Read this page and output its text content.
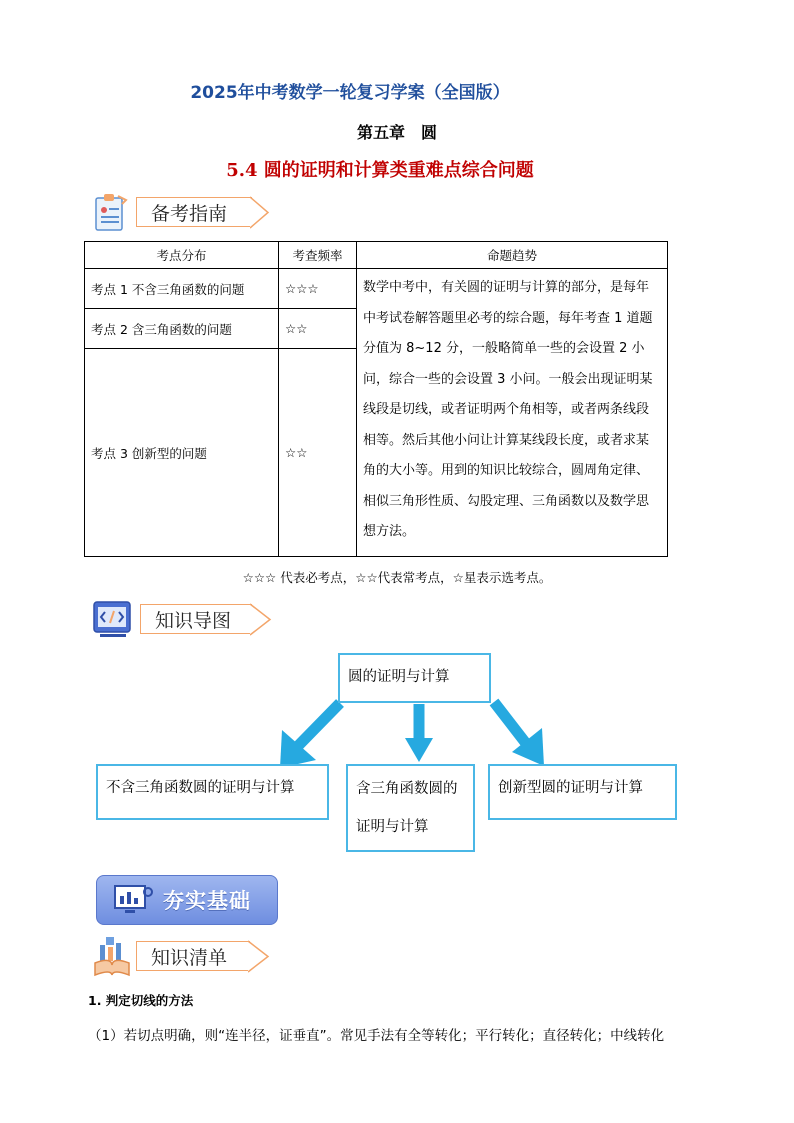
2025年中考数学一轮复习学案（全国版）
第五章　圆
5.4 圆的证明和计算类重难点综合问题
备考指南
考点分布	考查频率	命题趋势
考点 1 不含三角函数的问题	☆☆☆	数学中考中，有关圆的证明与计算的部分，是每年中考试卷解答题里必考的综合题，每年考查 1 道题分值为 8~12 分，一般略简单一些的会设置 2 小问，综合一些的会设置 3 小问。一般会出现证明某线段是切线，或者证明两个角相等，或者两条线段相等。然后其他小问让计算某线段长度，或者求某角的大小等。用到的知识比较综合，圆周角定律、相似三角形性质、勾股定理、三角函数以及数学思想方法。
考点 2 含三角函数的问题	☆☆	
考点 3 创新型的问题	☆☆	
☆☆☆ 代表必考点，☆☆代表常考点，☆星表示选考点。
知识导图
圆的证明与计算
不含三角函数圆的证明与计算	含三角函数圆的证明与计算
创新型圆的证明与计算
夯实基础
知识清单
1. 判定切线的方法
（1）若切点明确，则“连半径，证垂直”。常见手法有全等转化；平行转化；直径转化；中线转化
